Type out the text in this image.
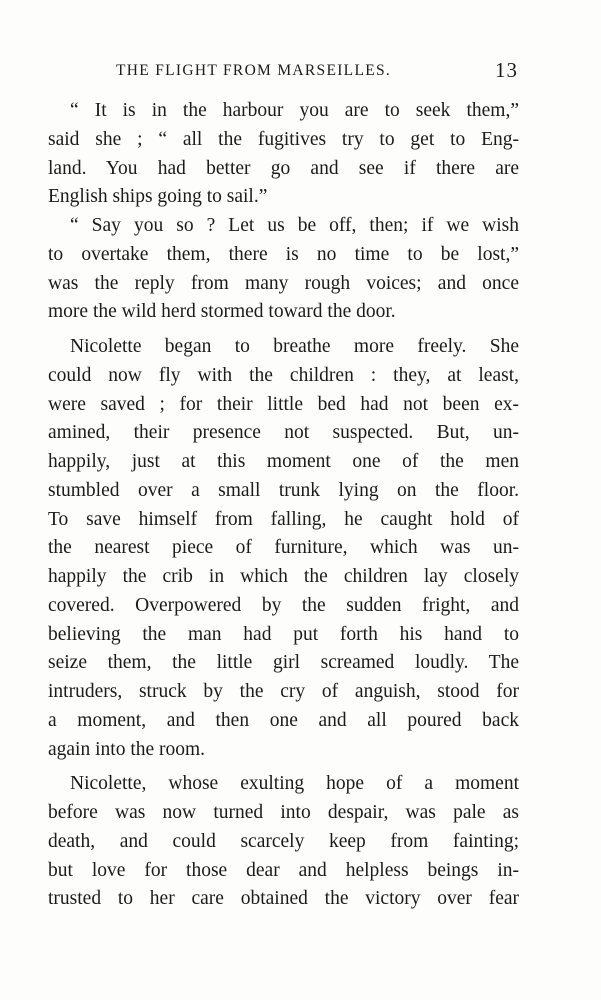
THE FLIGHT FROM MARSEILLES.	13
“ It is in the harbour you are to seek them,”
said she ; “ all the fugitives try to get to Eng-
land. You had better go and see if there are
English ships going to sail.”
“ Say you so ? Let us be off, then; if we wish
to overtake them, there is no time to be lost,”
was the reply from many rough voices; and once
more the wild herd stormed toward the door.
Nicolette began to breathe more freely. She
could now fly with the children : they, at least,
were saved ; for their little bed had not been ex-
amined, their presence not suspected. But, un-
happily, just at this moment one of the men
stumbled over a small trunk lying on the floor.
To save himself from falling, he caught hold of
the nearest piece of furniture, which was un-
happily the crib in which the children lay closely
covered. Overpowered by the sudden fright, and
believing the man had put forth his hand to
seize them, the little girl screamed loudly. The
intruders, struck by the cry of anguish, stood for
a moment, and then one and all poured back
again into the room.
Nicolette, whose exulting hope of a moment
before was now turned into despair, was pale as
death, and could scarcely keep from fainting;
but love for those dear and helpless beings in-
trusted to her care obtained the victory over fear
